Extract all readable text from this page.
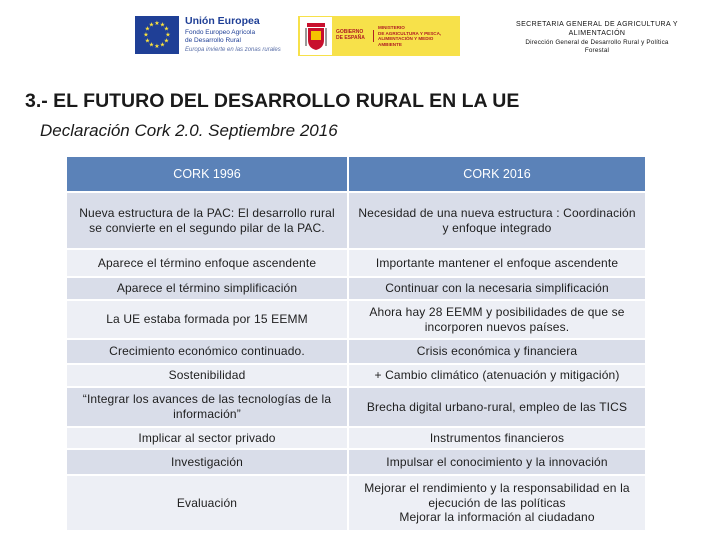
★ ★
★
★
★
★
★
★
★
★
★
★	Unión Europea
Fondo Europeo Agrícola
de Desarrollo Rural
Europa invierte en las zonas rurales
GOBIERNO
DE ESPAÑA
MINISTERIO
DE AGRICULTURA Y PESCA,
ALIMENTACIÓN Y MEDIO AMBIENTE
SECRETARIA GENERAL DE AGRICULTURA Y
ALIMENTACIÓN
Dirección General de Desarrollo Rural y Política
Forestal
3.- EL FUTURO DEL DESARROLLO RURAL EN LA UE
Declaración Cork 2.0. Septiembre 2016
CORK 1996	CORK 2016
Nueva estructura de la PAC: El desarrollo rural se convierte en el segundo pilar de la PAC.	Necesidad de una nueva estructura : Coordinación y enfoque integrado
Aparece el término enfoque ascendente	Importante mantener el enfoque ascendente
Aparece el término simplificación	Continuar con la necesaria simplificación
La UE estaba formada por 15 EEMM	Ahora hay 28 EEMM y posibilidades de que se incorporen nuevos países.
Crecimiento económico continuado.	Crisis económica y financiera
Sostenibilidad	+ Cambio climático (atenuación y mitigación)
“Integrar los avances de las tecnologías de la información”	Brecha digital urbano-rural, empleo de las TICS
Implicar al sector privado	Instrumentos financieros
Investigación	Impulsar el conocimiento y la innovación
Evaluación	Mejorar el rendimiento y la responsabilidad en la ejecución de las políticas
Mejorar la información al ciudadano
